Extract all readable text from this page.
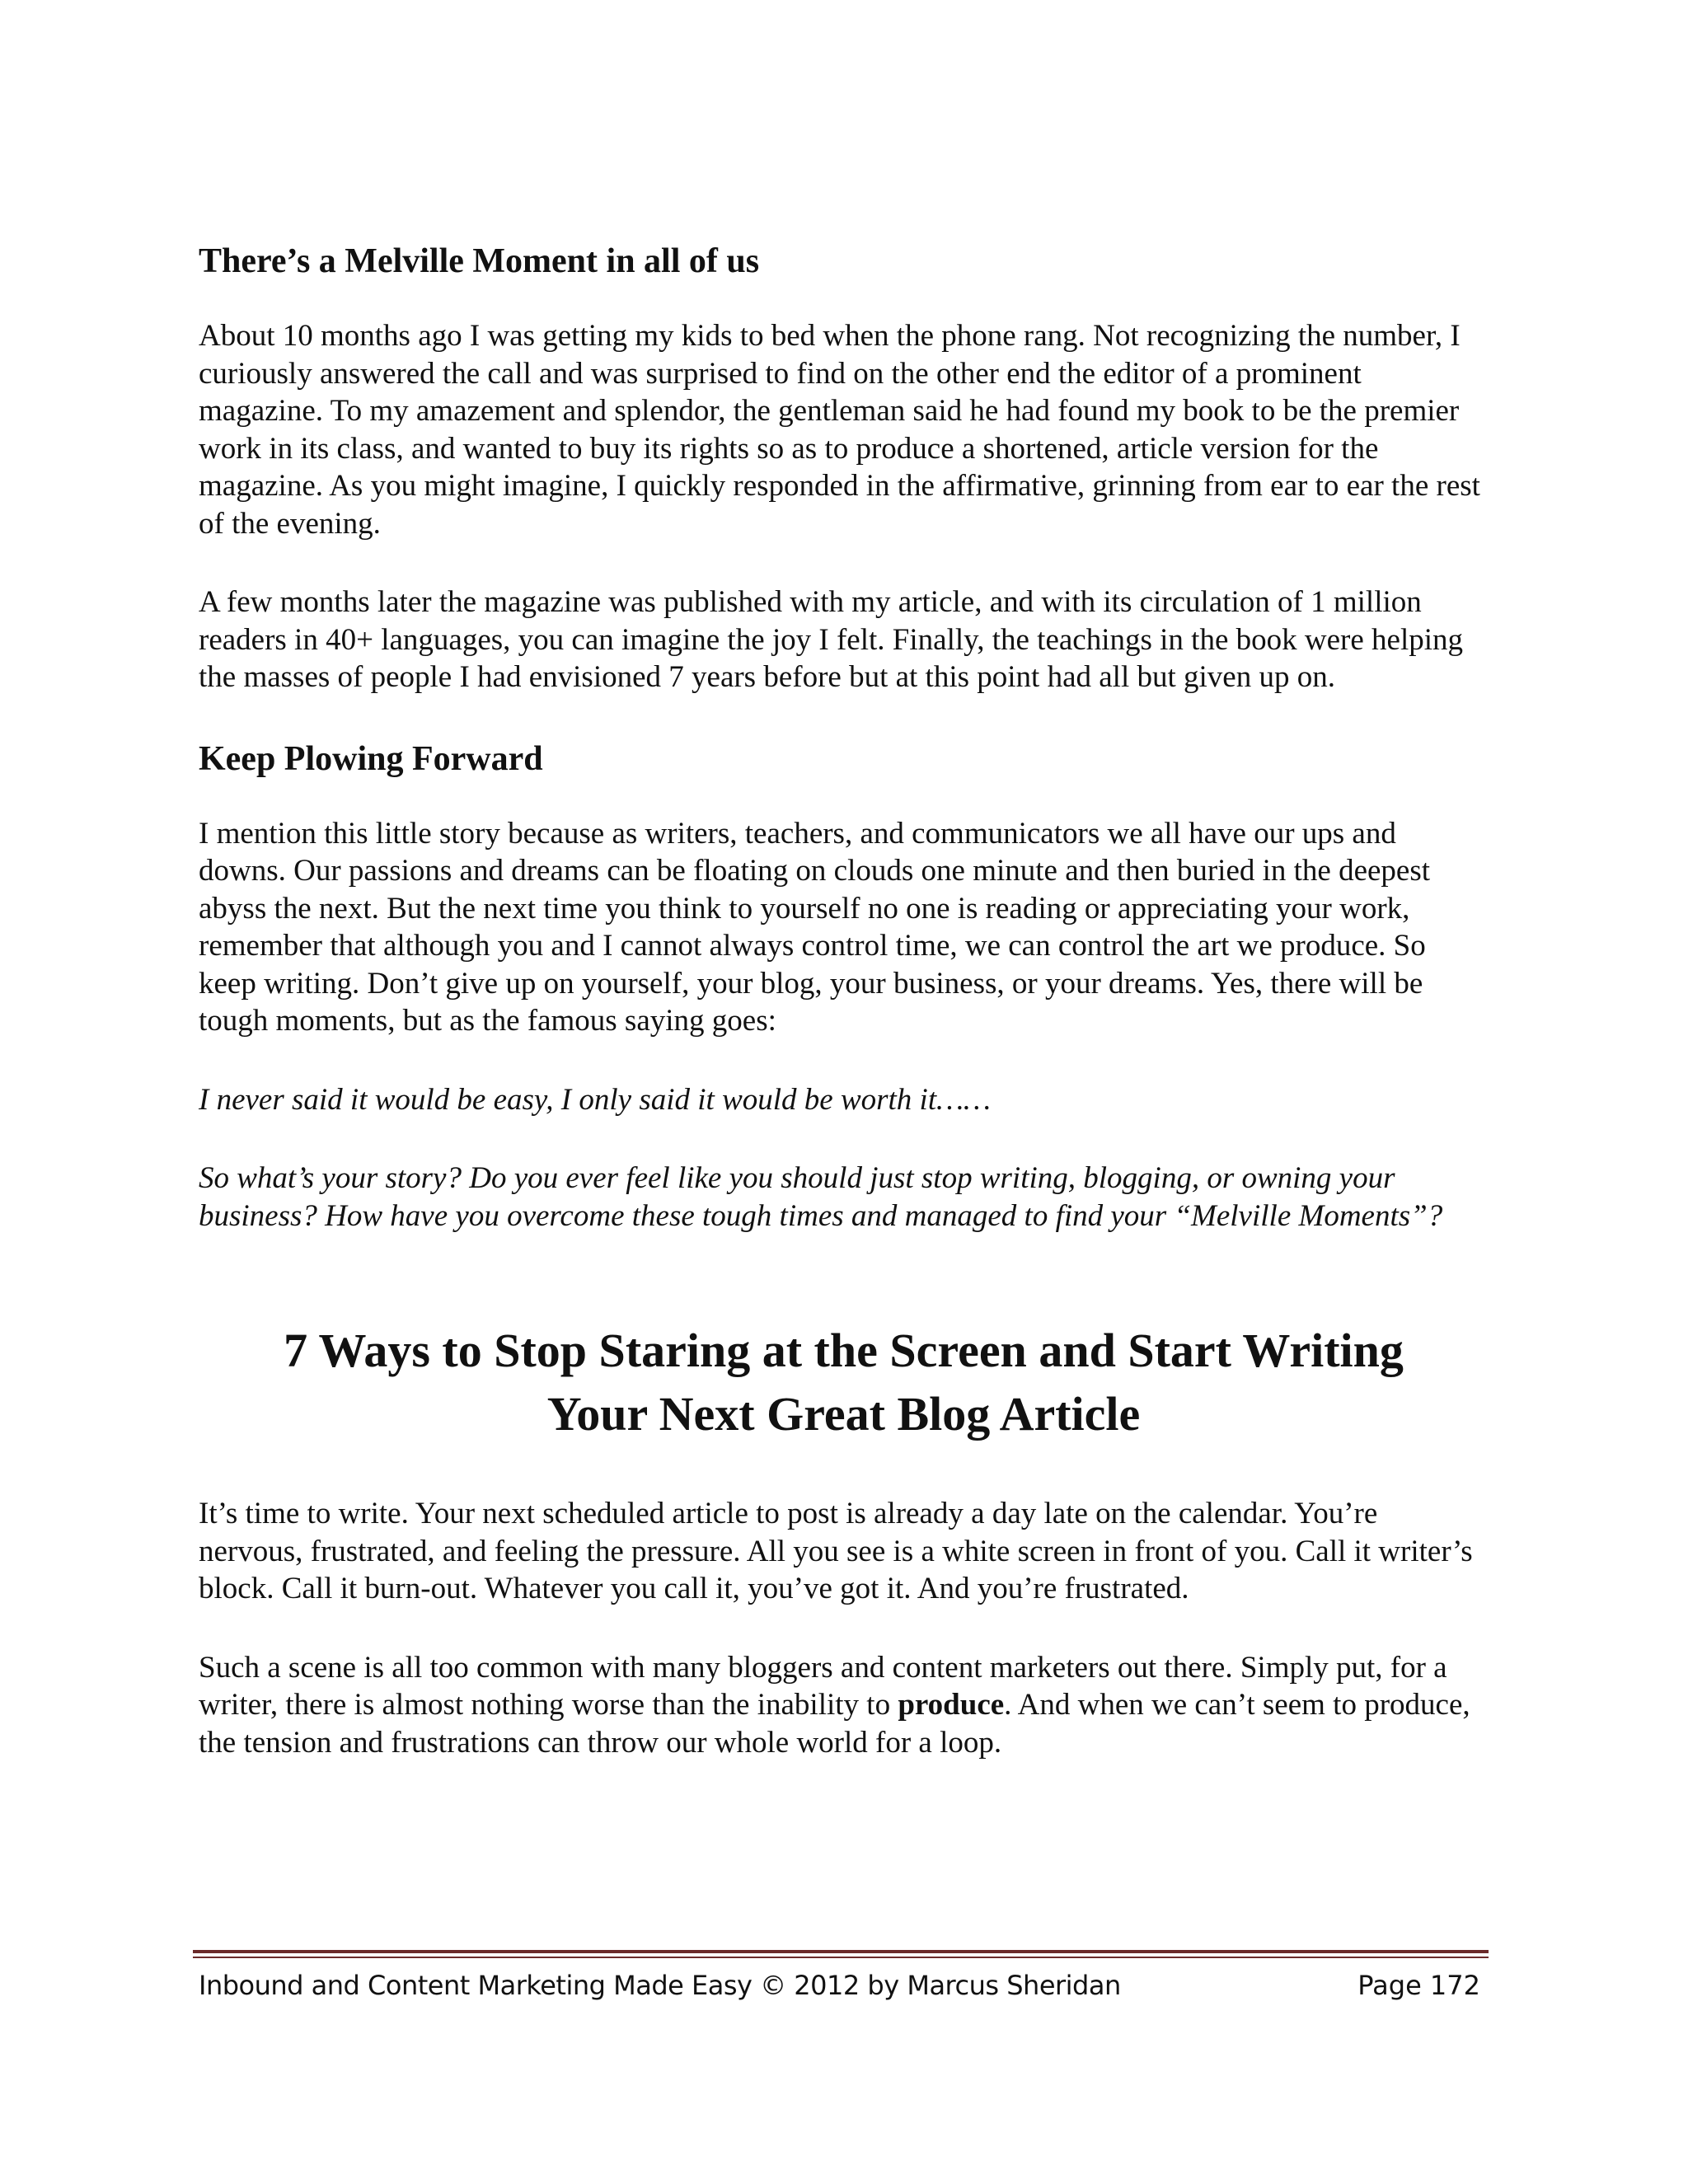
There’s a Melville Moment in all of us

About 10 months ago I was getting my kids to bed when the phone rang. Not recognizing the number, I curiously answered the call and was surprised to find on the other end the editor of a prominent magazine. To my amazement and splendor, the gentleman said he had found my book to be the premier work in its class, and wanted to buy its rights so as to produce a shortened, article version for the magazine. As you might imagine, I quickly responded in the affirmative, grinning from ear to ear the rest of the evening.

A few months later the magazine was published with my article, and with its circulation of 1 million readers in 40+ languages, you can imagine the joy I felt. Finally, the teachings in the book were helping the masses of people I had envisioned 7 years before but at this point had all but given up on.

Keep Plowing Forward

I mention this little story because as writers, teachers, and communicators we all have our ups and downs. Our passions and dreams can be floating on clouds one minute and then buried in the deepest abyss the next. But the next time you think to yourself no one is reading or appreciating your work, remember that although you and I cannot always control time, we can control the art we produce. So keep writing. Don’t give up on yourself, your blog, your business, or your dreams. Yes, there will be tough moments, but as the famous saying goes:

I never said it would be easy, I only said it would be worth it……

So what’s your story? Do you ever feel like you should just stop writing, blogging, or owning your business? How have you overcome these tough times and managed to find your “Melville Moments”?

7 Ways to Stop Staring at the Screen and Start Writing
Your Next Great Blog Article

It’s time to write. Your next scheduled article to post is already a day late on the calendar. You’re nervous, frustrated, and feeling the pressure. All you see is a white screen in front of you. Call it writer’s block. Call it burn-out. Whatever you call it, you’ve got it. And you’re frustrated.

Such a scene is all too common with many bloggers and content marketers out there. Simply put, for a writer, there is almost nothing worse than the inability to produce. And when we can’t seem to produce, the tension and frustrations can throw our whole world for a loop.

Inbound and Content Marketing Made Easy © 2012 by Marcus Sheridan	Page 172
